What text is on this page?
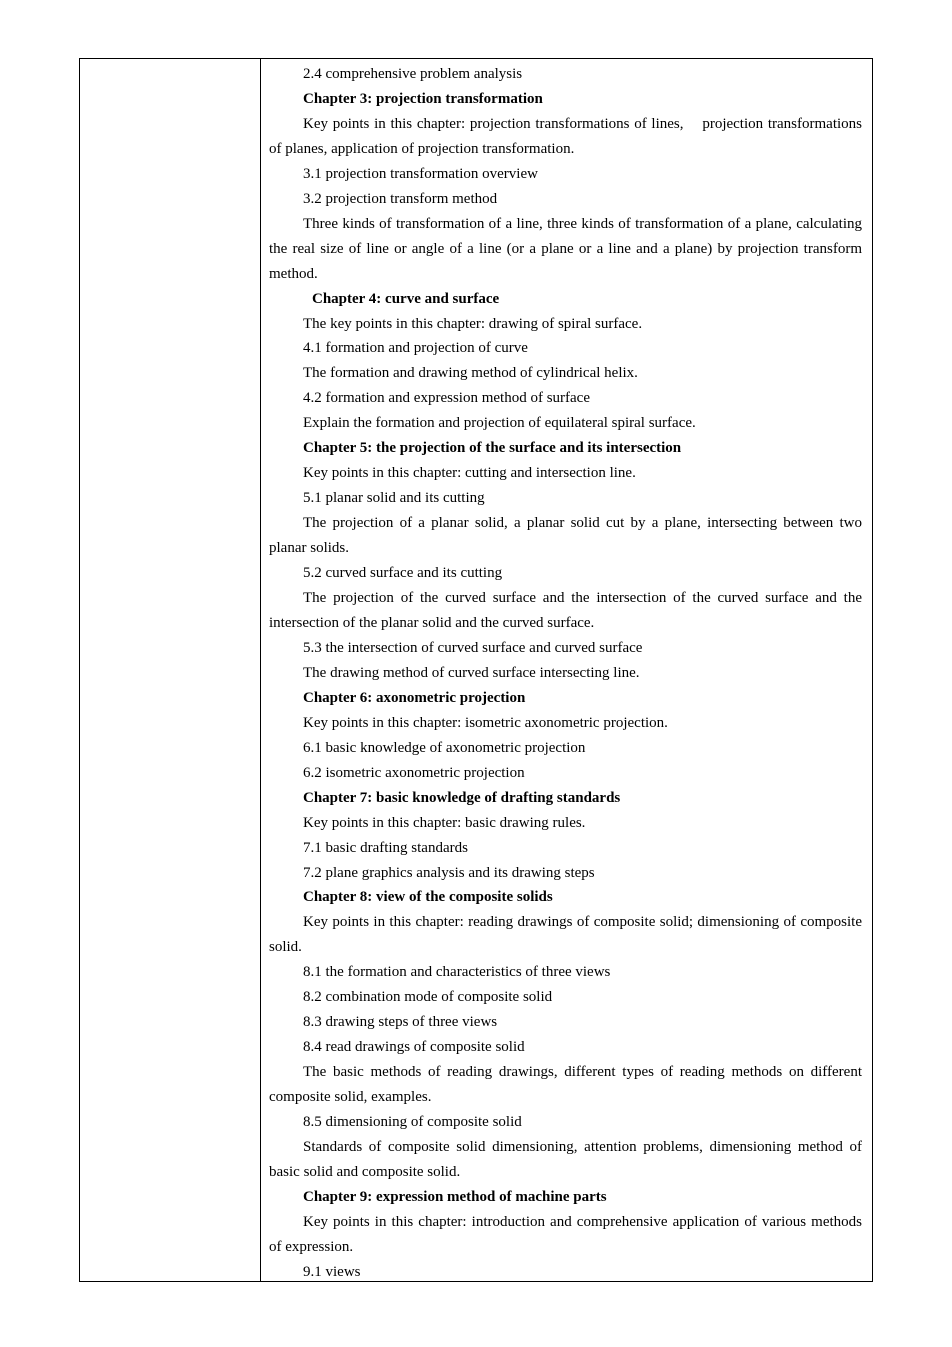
2.4 comprehensive problem analysis

Chapter 3: projection transformation

Key points in this chapter: projection transformations of lines,    projection transformations of planes, application of projection transformation.

3.1 projection transformation overview

3.2 projection transform method

Three kinds of transformation of a line, three kinds of transformation of a plane, calculating the real size of line or angle of a line (or a plane or a line and a plane) by projection transform method.

Chapter 4: curve and surface

The key points in this chapter: drawing of spiral surface.

4.1 formation and projection of curve

The formation and drawing method of cylindrical helix.

4.2 formation and expression method of surface

Explain the formation and projection of equilateral spiral surface.

Chapter 5: the projection of the surface and its intersection

Key points in this chapter: cutting and intersection line.

5.1 planar solid and its cutting

The projection of a planar solid, a planar solid cut by a plane, intersecting between two planar solids.

5.2 curved surface and its cutting

The projection of the curved surface and the intersection of the curved surface and the intersection of the planar solid and the curved surface.

5.3 the intersection of curved surface and curved surface

The drawing method of curved surface intersecting line.

Chapter 6: axonometric projection

Key points in this chapter: isometric axonometric projection.

6.1 basic knowledge of axonometric projection

6.2 isometric axonometric projection

Chapter 7: basic knowledge of drafting standards

Key points in this chapter: basic drawing rules.

7.1 basic drafting standards

7.2 plane graphics analysis and its drawing steps

Chapter 8: view of the composite solids

Key points in this chapter: reading drawings of composite solid; dimensioning of composite solid.

8.1 the formation and characteristics of three views

8.2 combination mode of composite solid

8.3 drawing steps of three views

8.4 read drawings of composite solid

The basic methods of reading drawings, different types of reading methods on different composite solid, examples.

8.5 dimensioning of composite solid

Standards of composite solid dimensioning, attention problems, dimensioning method of basic solid and composite solid.

Chapter 9: expression method of machine parts

Key points in this chapter: introduction and comprehensive application of various methods of expression.

9.1 views
